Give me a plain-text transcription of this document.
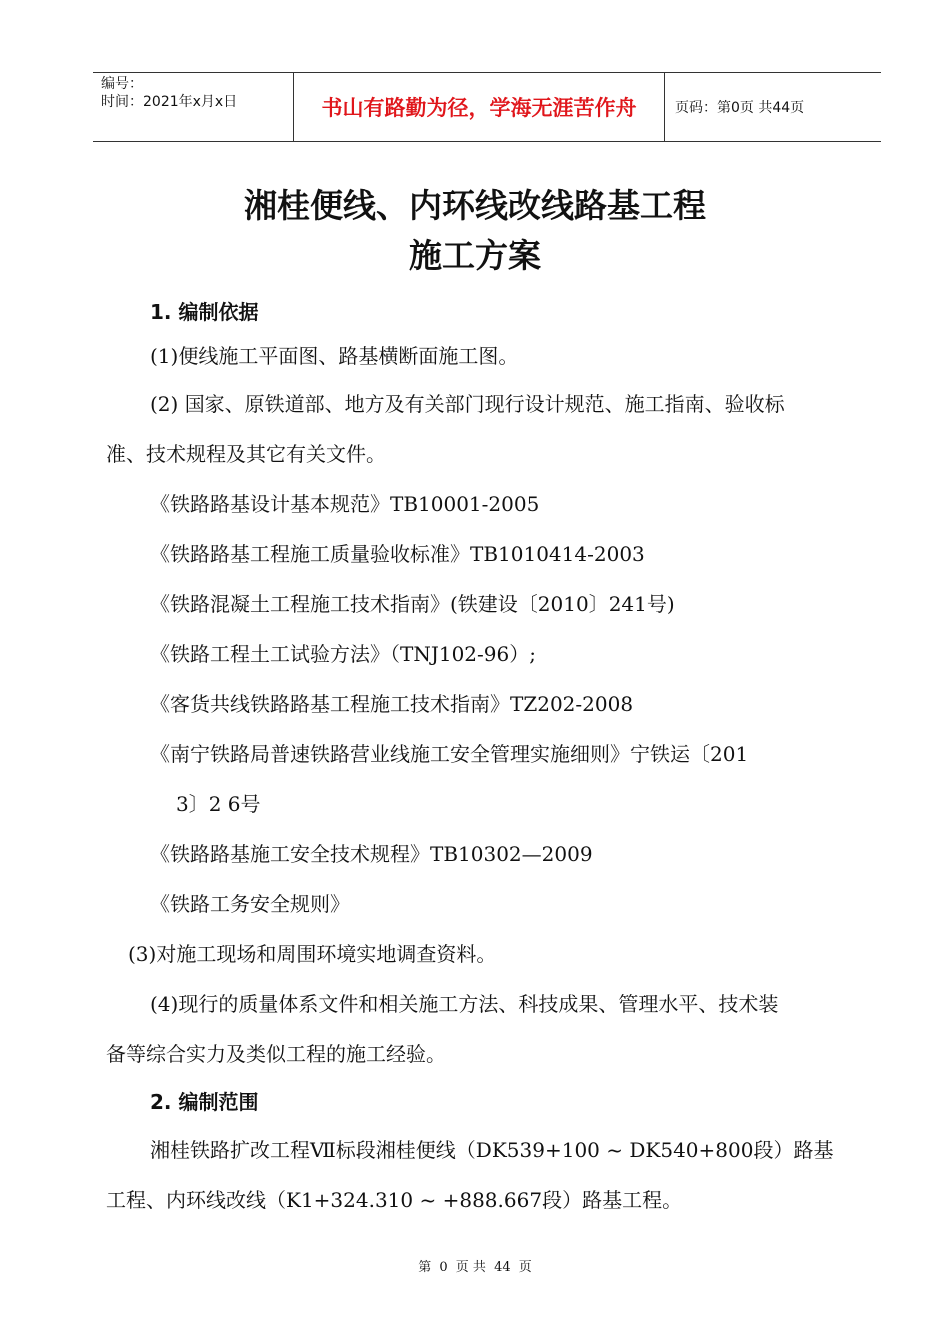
编号：
时间：2021年x月x日	书山有路勤为径，学海无涯苦作舟	页码：第0页 共44页
湘桂便线、内环线改线路基工程
施工方案
1. 编制依据
(1)便线施工平面图、路基横断面施工图。
(2) 国家、原铁道部、地方及有关部门现行设计规范、施工指南、验收标
准、技术规程及其它有关文件。
《铁路路基设计基本规范》TB10001-2005
《铁路路基工程施工质量验收标准》TB1010414-2003
《铁路混凝土工程施工技术指南》(铁建设〔2010〕241号)
《铁路工程土工试验方法》（TNJ102-96）;
《客货共线铁路路基工程施工技术指南》TZ202-2008
《南宁铁路局普速铁路营业线施工安全管理实施细则》宁铁运〔201
3〕2 6号
《铁路路基施工安全技术规程》TB10302—2009
《铁路工务安全规则》
(3)对施工现场和周围环境实地调查资料。
(4)现行的质量体系文件和相关施工方法、科技成果、管理水平、技术装
备等综合实力及类似工程的施工经验。
2. 编制范围
湘桂铁路扩改工程Ⅶ标段湘桂便线（DK539+100 ~ DK540+800段）路基
工程、内环线改线（K1+324.310 ~ +888.667段）路基工程。
第 0 页 共 44 页
